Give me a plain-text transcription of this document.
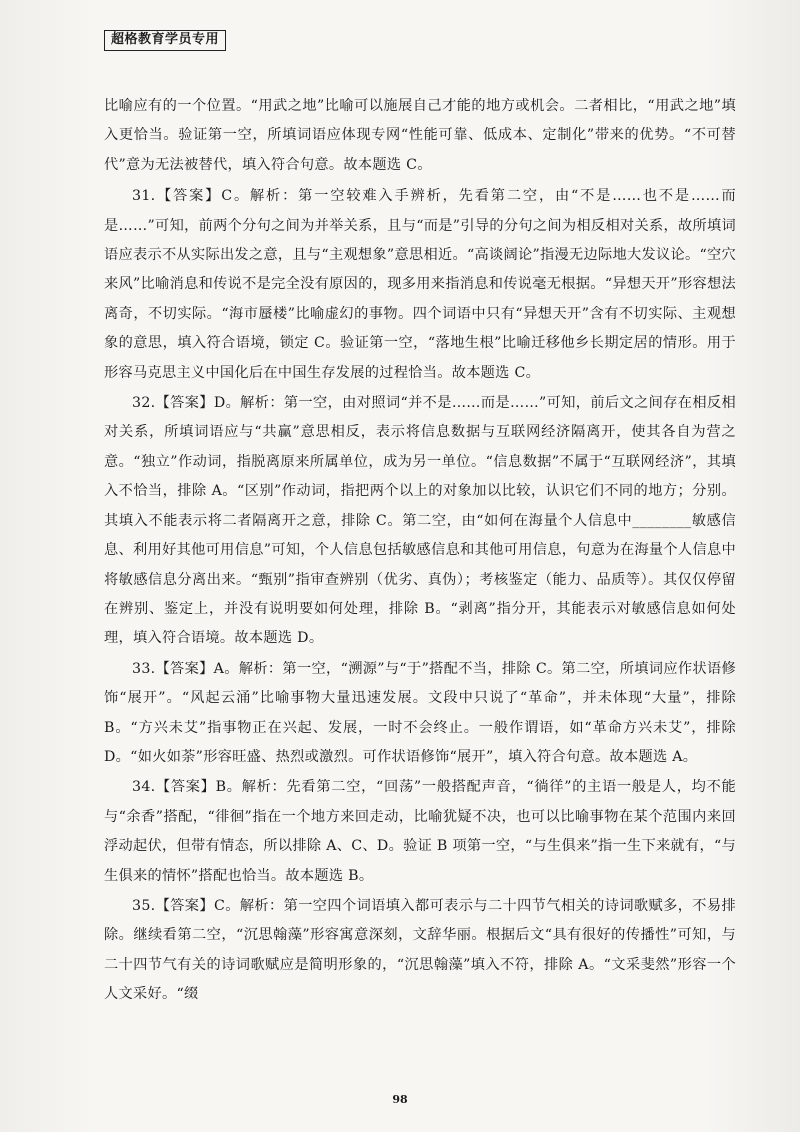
超格教育学员专用

比喻应有的一个位置。“用武之地”比喻可以施展自己才能的地方或机会。二者相比，“用武之地”填入更恰当。验证第一空，所填词语应体现专网“性能可靠、低成本、定制化”带来的优势。“不可替代”意为无法被替代，填入符合句意。故本题选 C。

31.【答案】C。解析：第一空较难入手辨析，先看第二空，由“不是……也不是……而是……”可知，前两个分句之间为并举关系，且与“而是”引导的分句之间为相反相对关系，故所填词语应表示不从实际出发之意，且与“主观想象”意思相近。“高谈阔论”指漫无边际地大发议论。“空穴来风”比喻消息和传说不是完全没有原因的，现多用来指消息和传说毫无根据。“异想天开”形容想法离奇，不切实际。“海市蜃楼”比喻虚幻的事物。四个词语中只有“异想天开”含有不切实际、主观想象的意思，填入符合语境，锁定 C。验证第一空，“落地生根”比喻迁移他乡长期定居的情形。用于形容马克思主义中国化后在中国生存发展的过程恰当。故本题选 C。

32.【答案】D。解析：第一空，由对照词“并不是……而是……”可知，前后文之间存在相反相对关系，所填词语应与“共赢”意思相反，表示将信息数据与互联网经济隔离开，使其各自为营之意。“独立”作动词，指脱离原来所属单位，成为另一单位。“信息数据”不属于“互联网经济”，其填入不恰当，排除 A。“区别”作动词，指把两个以上的对象加以比较，认识它们不同的地方；分别。其填入不能表示将二者隔离开之意，排除 C。第二空，由“如何在海量个人信息中________敏感信息、利用好其他可用信息”可知，个人信息包括敏感信息和其他可用信息，句意为在海量个人信息中将敏感信息分离出来。“甄别”指审查辨别（优劣、真伪）；考核鉴定（能力、品质等）。其仅仅停留在辨别、鉴定上，并没有说明要如何处理，排除 B。“剥离”指分开，其能表示对敏感信息如何处理，填入符合语境。故本题选 D。

33.【答案】A。解析：第一空，“溯源”与“于”搭配不当，排除 C。第二空，所填词应作状语修饰“展开”。“风起云涌”比喻事物大量迅速发展。文段中只说了“革命”，并未体现“大量”，排除 B。“方兴未艾”指事物正在兴起、发展，一时不会终止。一般作谓语，如“革命方兴未艾”，排除 D。“如火如荼”形容旺盛、热烈或激烈。可作状语修饰“展开”，填入符合句意。故本题选 A。

34.【答案】B。解析：先看第二空，“回荡”一般搭配声音，“徜徉”的主语一般是人，均不能与“余香”搭配，“徘徊”指在一个地方来回走动，比喻犹疑不决，也可以比喻事物在某个范围内来回浮动起伏，但带有情态，所以排除 A、C、D。验证 B 项第一空，“与生俱来”指一生下来就有，“与生俱来的情怀”搭配也恰当。故本题选 B。

35.【答案】C。解析：第一空四个词语填入都可表示与二十四节气相关的诗词歌赋多，不易排除。继续看第二空，“沉思翰藻”形容寓意深刻，文辞华丽。根据后文“具有很好的传播性”可知，与二十四节气有关的诗词歌赋应是简明形象的，“沉思翰藻”填入不符，排除 A。“文采斐然”形容一个人文采好。“缀

98
